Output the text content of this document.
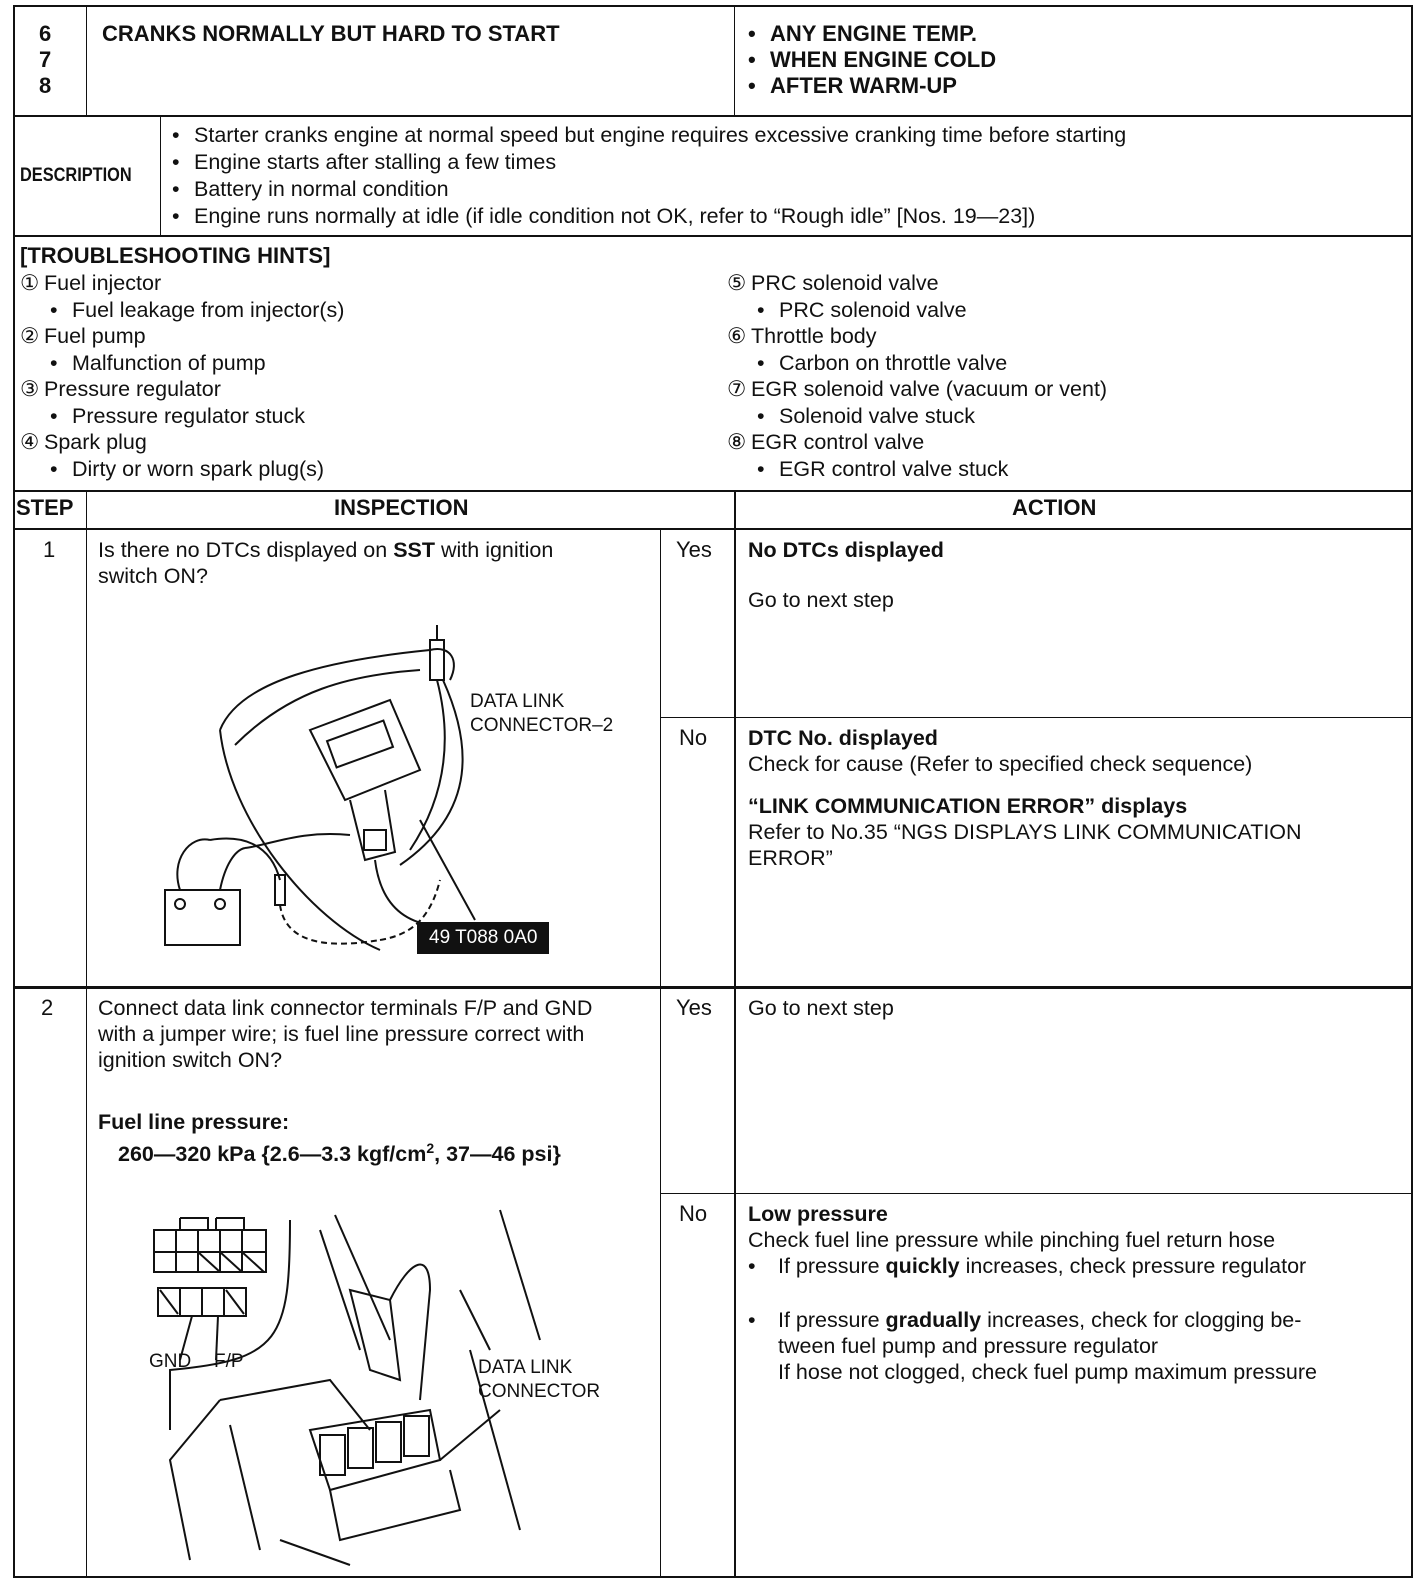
6
7
8
CRANKS NORMALLY BUT HARD TO START
•	ANY ENGINE TEMP.
• WHEN ENGINE COLD
• AFTER WARM-UP
DESCRIPTION
• Starter cranks engine at normal speed but engine requires excessive cranking time before starting
• Engine starts after stalling a few times
• Battery in normal condition
• Engine runs normally at idle (if idle condition not OK, refer to “Rough idle” [Nos. 19—23])
[TROUBLESHOOTING HINTS]
① Fuel injector
• Fuel leakage from injector(s)
② Fuel pump
• Malfunction of pump
③ Pressure regulator
• Pressure regulator stuck
④ Spark plug
• Dirty or worn spark plug(s)
⑤ PRC solenoid valve
• PRC solenoid valve
⑥ Throttle body
• Carbon on throttle valve
⑦ EGR solenoid valve (vacuum or vent)
• Solenoid valve stuck
⑧ EGR control valve
• EGR control valve stuck
STEP	INSPECTION	ACTION
1 Is there no DTCs displayed on SST with ignition
switch ON?
DATA LINK
CONNECTOR–2
49 T088 0A0
Yes
No
No DTCs displayed
Go to next step
DTC No. displayed
Check for cause (Refer to specified check sequence)
“LINK COMMUNICATION ERROR” displays
Refer to No.35 “NGS DISPLAYS LINK COMMUNICATION
ERROR”
2 Connect data link connector terminals F/P and GND
with a jumper wire; is fuel line pressure correct with
ignition switch ON?
Fuel line pressure:
260—320 kPa {2.6—3.3 kgf/$cm^2$, 37—46 psi}
GND F/P	DATA LINK
CONNECTOR
Yes
No
Go to next step
Low pressure
Check fuel line pressure while pinching fuel return hose
• If pressure quickly increases, check pressure regulator
• If pressure gradually increases, check for clogging be-
tween fuel pump and pressure regulator
If hose not clogged, check fuel pump maximum pressure
